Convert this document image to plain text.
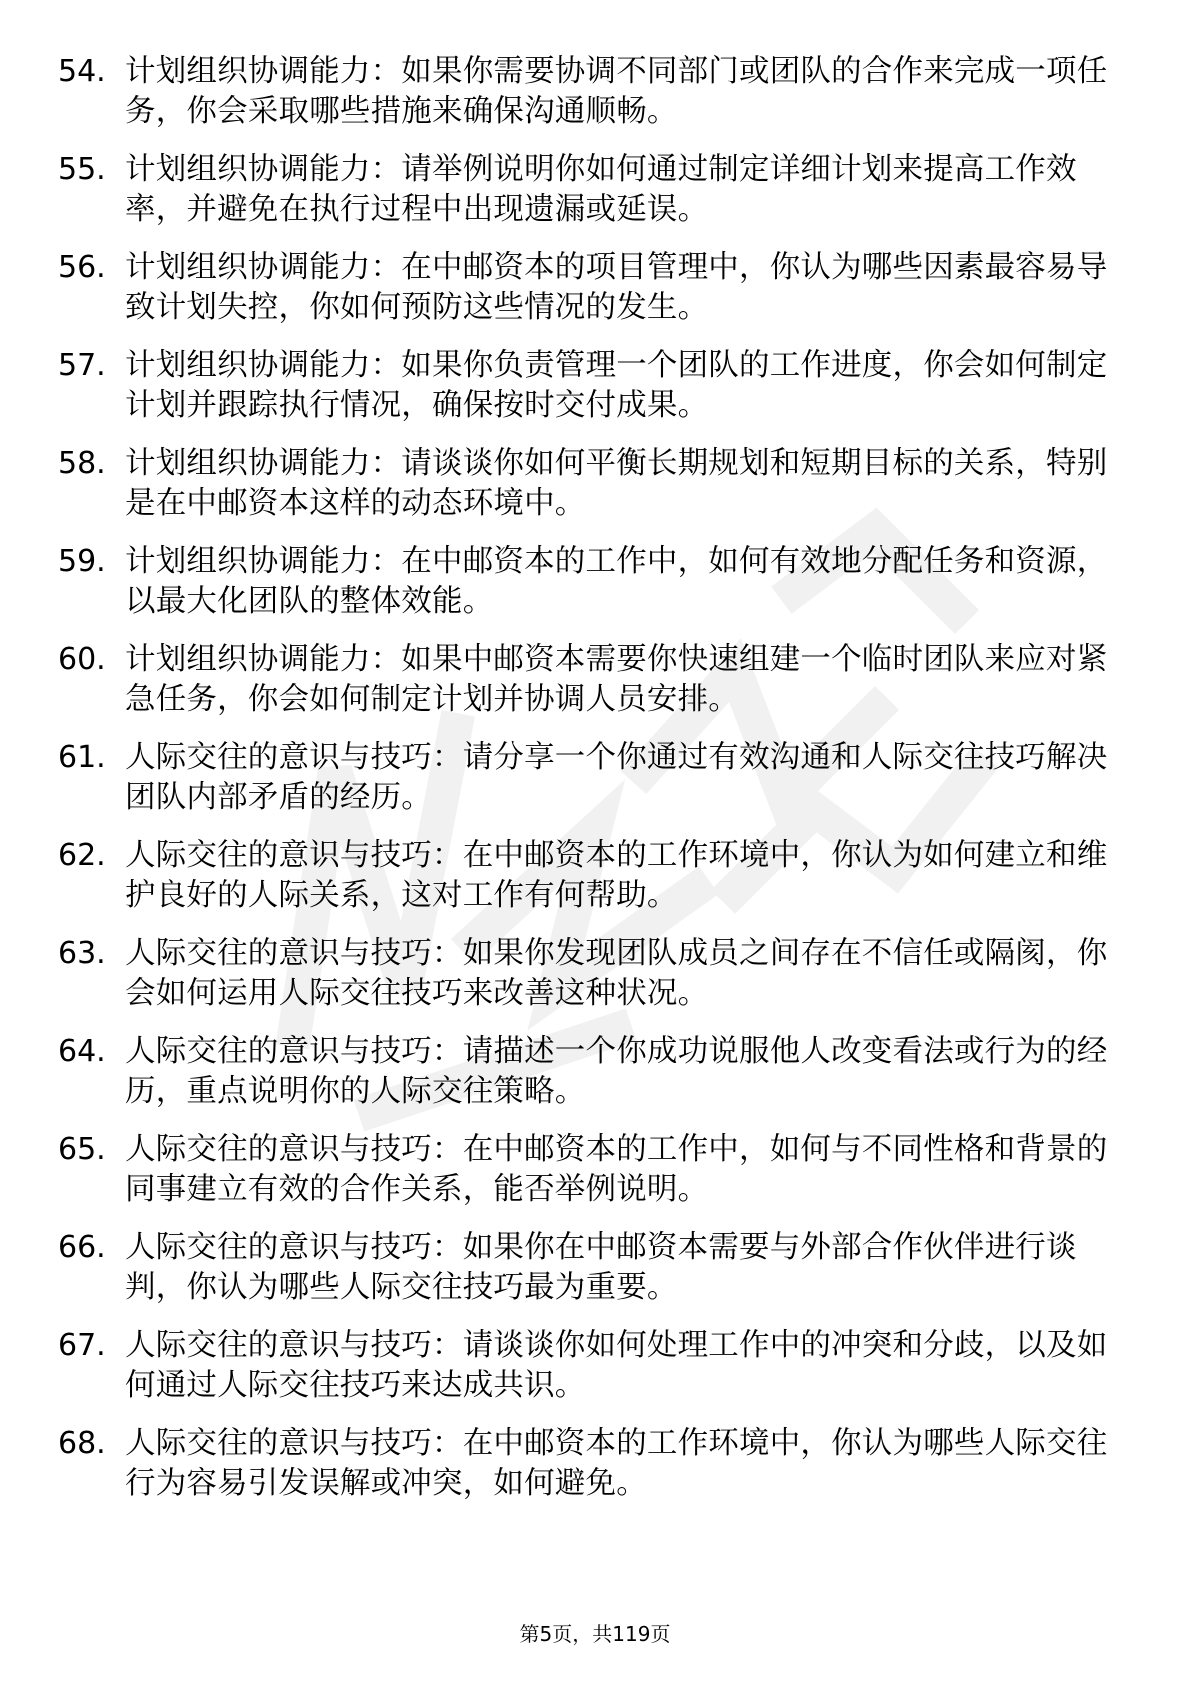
54. 计划组织协调能力：如果你需要协调不同部门或团队的合作来完成一项任务，你会采取哪些措施来确保沟通顺畅。
55. 计划组织协调能力：请举例说明你如何通过制定详细计划来提高工作效率，并避免在执行过程中出现遗漏或延误。
56. 计划组织协调能力：在中邮资本的项目管理中，你认为哪些因素最容易导致计划失控，你如何预防这些情况的发生。
57. 计划组织协调能力：如果你负责管理一个团队的工作进度，你会如何制定计划并跟踪执行情况，确保按时交付成果。
58. 计划组织协调能力：请谈谈你如何平衡长期规划和短期目标的关系，特别是在中邮资本这样的动态环境中。
59. 计划组织协调能力：在中邮资本的工作中，如何有效地分配任务和资源，以最大化团队的整体效能。
60. 计划组织协调能力：如果中邮资本需要你快速组建一个临时团队来应对紧急任务，你会如何制定计划并协调人员安排。
61. 人际交往的意识与技巧：请分享一个你通过有效沟通和人际交往技巧解决团队内部矛盾的经历。
62. 人际交往的意识与技巧：在中邮资本的工作环境中，你认为如何建立和维护良好的人际关系，这对工作有何帮助。
63. 人际交往的意识与技巧：如果你发现团队成员之间存在不信任或隔阂，你会如何运用人际交往技巧来改善这种状况。
64. 人际交往的意识与技巧：请描述一个你成功说服他人改变看法或行为的经历，重点说明你的人际交往策略。
65. 人际交往的意识与技巧：在中邮资本的工作中，如何与不同性格和背景的同事建立有效的合作关系，能否举例说明。
66. 人际交往的意识与技巧：如果你在中邮资本需要与外部合作伙伴进行谈判，你认为哪些人际交往技巧最为重要。
67. 人际交往的意识与技巧：请谈谈你如何处理工作中的冲突和分歧，以及如何通过人际交往技巧来达成共识。
68. 人际交往的意识与技巧：在中邮资本的工作环境中，你认为哪些人际交往行为容易引发误解或冲突，如何避免。
第5页，共119页
